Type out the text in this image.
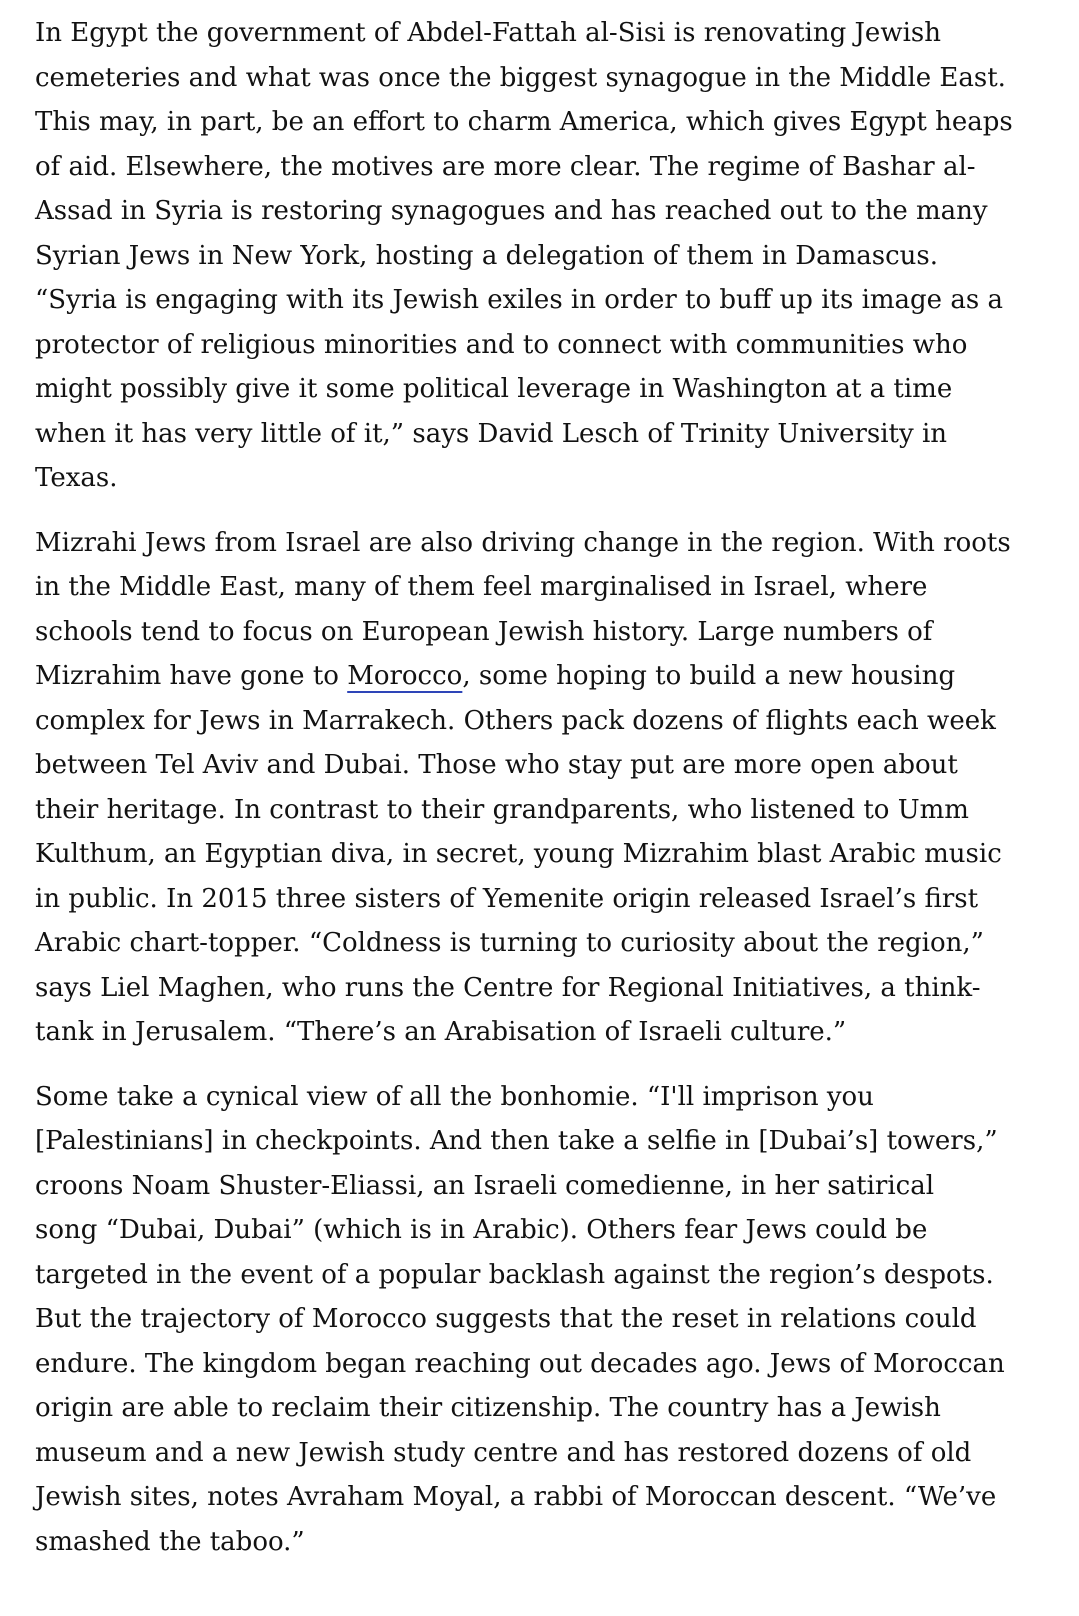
In Egypt the government of Abdel-Fattah al-Sisi is renovating Jewish
cemeteries and what was once the biggest synagogue in the Middle East.
This may, in part, be an effort to charm America, which gives Egypt heaps
of aid. Elsewhere, the motives are more clear. The regime of Bashar al-
Assad in Syria is restoring synagogues and has reached out to the many
Syrian Jews in New York, hosting a delegation of them in Damascus.
“Syria is engaging with its Jewish exiles in order to buff up its image as a
protector of religious minorities and to connect with communities who
might possibly give it some political leverage in Washington at a time
when it has very little of it,” says David Lesch of Trinity University in
Texas.

Mizrahi Jews from Israel are also driving change in the region. With roots
in the Middle East, many of them feel marginalised in Israel, where
schools tend to focus on European Jewish history. Large numbers of
Mizrahim have gone to Morocco, some hoping to build a new housing
complex for Jews in Marrakech. Others pack dozens of flights each week
between Tel Aviv and Dubai. Those who stay put are more open about
their heritage. In contrast to their grandparents, who listened to Umm
Kulthum, an Egyptian diva, in secret, young Mizrahim blast Arabic music
in public. In 2015 three sisters of Yemenite origin released Israel’s first
Arabic chart-topper. “Coldness is turning to curiosity about the region,”
says Liel Maghen, who runs the Centre for Regional Initiatives, a think-
tank in Jerusalem. “There’s an Arabisation of Israeli culture.”

Some take a cynical view of all the bonhomie. “I'll imprison you
[Palestinians] in checkpoints. And then take a selfie in [Dubai’s] towers,”
croons Noam Shuster-Eliassi, an Israeli comedienne, in her satirical
song “Dubai, Dubai” (which is in Arabic). Others fear Jews could be
targeted in the event of a popular backlash against the region’s despots.
But the trajectory of Morocco suggests that the reset in relations could
endure. The kingdom began reaching out decades ago. Jews of Moroccan
origin are able to reclaim their citizenship. The country has a Jewish
museum and a new Jewish study centre and has restored dozens of old
Jewish sites, notes Avraham Moyal, a rabbi of Moroccan descent. “We’ve
smashed the taboo.”
